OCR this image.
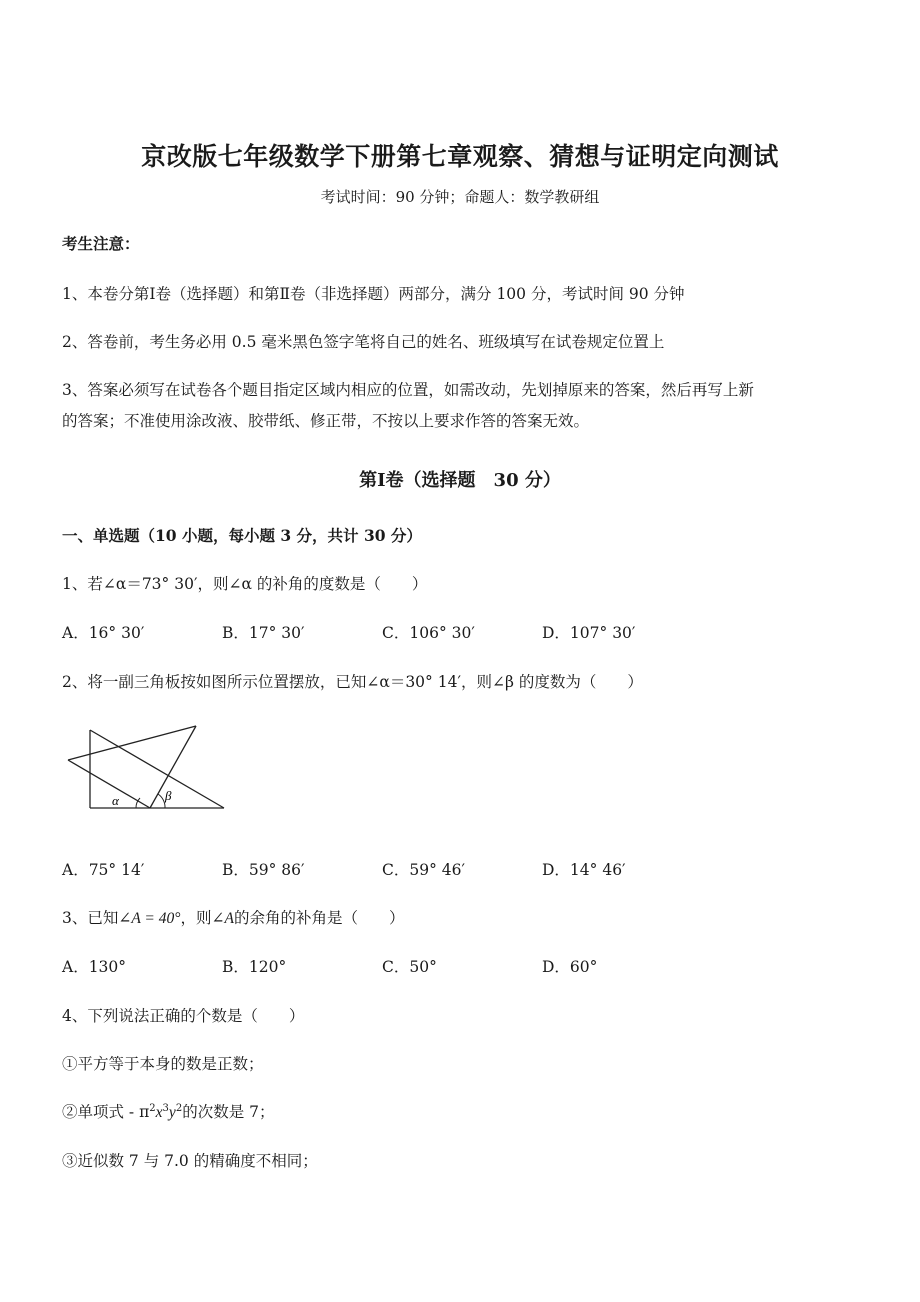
京改版七年级数学下册第七章观察、猜想与证明定向测试
考试时间：90 分钟；命题人：数学教研组
考生注意：
1、本卷分第Ⅰ卷（选择题）和第Ⅱ卷（非选择题）两部分，满分 100 分，考试时间 90 分钟
2、答卷前，考生务必用 0.5 毫米黑色签字笔将自己的姓名、班级填写在试卷规定位置上
3、答案必须写在试卷各个题目指定区域内相应的位置，如需改动，先划掉原来的答案，然后再写上新
的答案；不准使用涂改液、胶带纸、修正带，不按以上要求作答的答案无效。
第Ⅰ卷（选择题　30 分）
一、单选题（10 小题，每小题 3 分，共计 30 分）
1、若∠α＝73° 30′，则∠α 的补角的度数是（　　）
A．16° 30′	B．17° 30′	C．106° 30′	D．107° 30′
2、将一副三角板按如图所示位置摆放，已知∠α＝30° 14′，则∠β 的度数为（　　）
α	β
A．75° 14′	B．59° 86′	C．59° 46′	D．14° 46′
3、已知∠A = 40°，则∠A的余角的补角是（　　）
A．130°	B．120°	C．50°	D．60°
4、下列说法正确的个数是（　　）
①平方等于本身的数是正数；
②单项式 - $\pi^2x^3y^2$的次数是 7；
③近似数 7 与 7.0 的精确度不相同；
